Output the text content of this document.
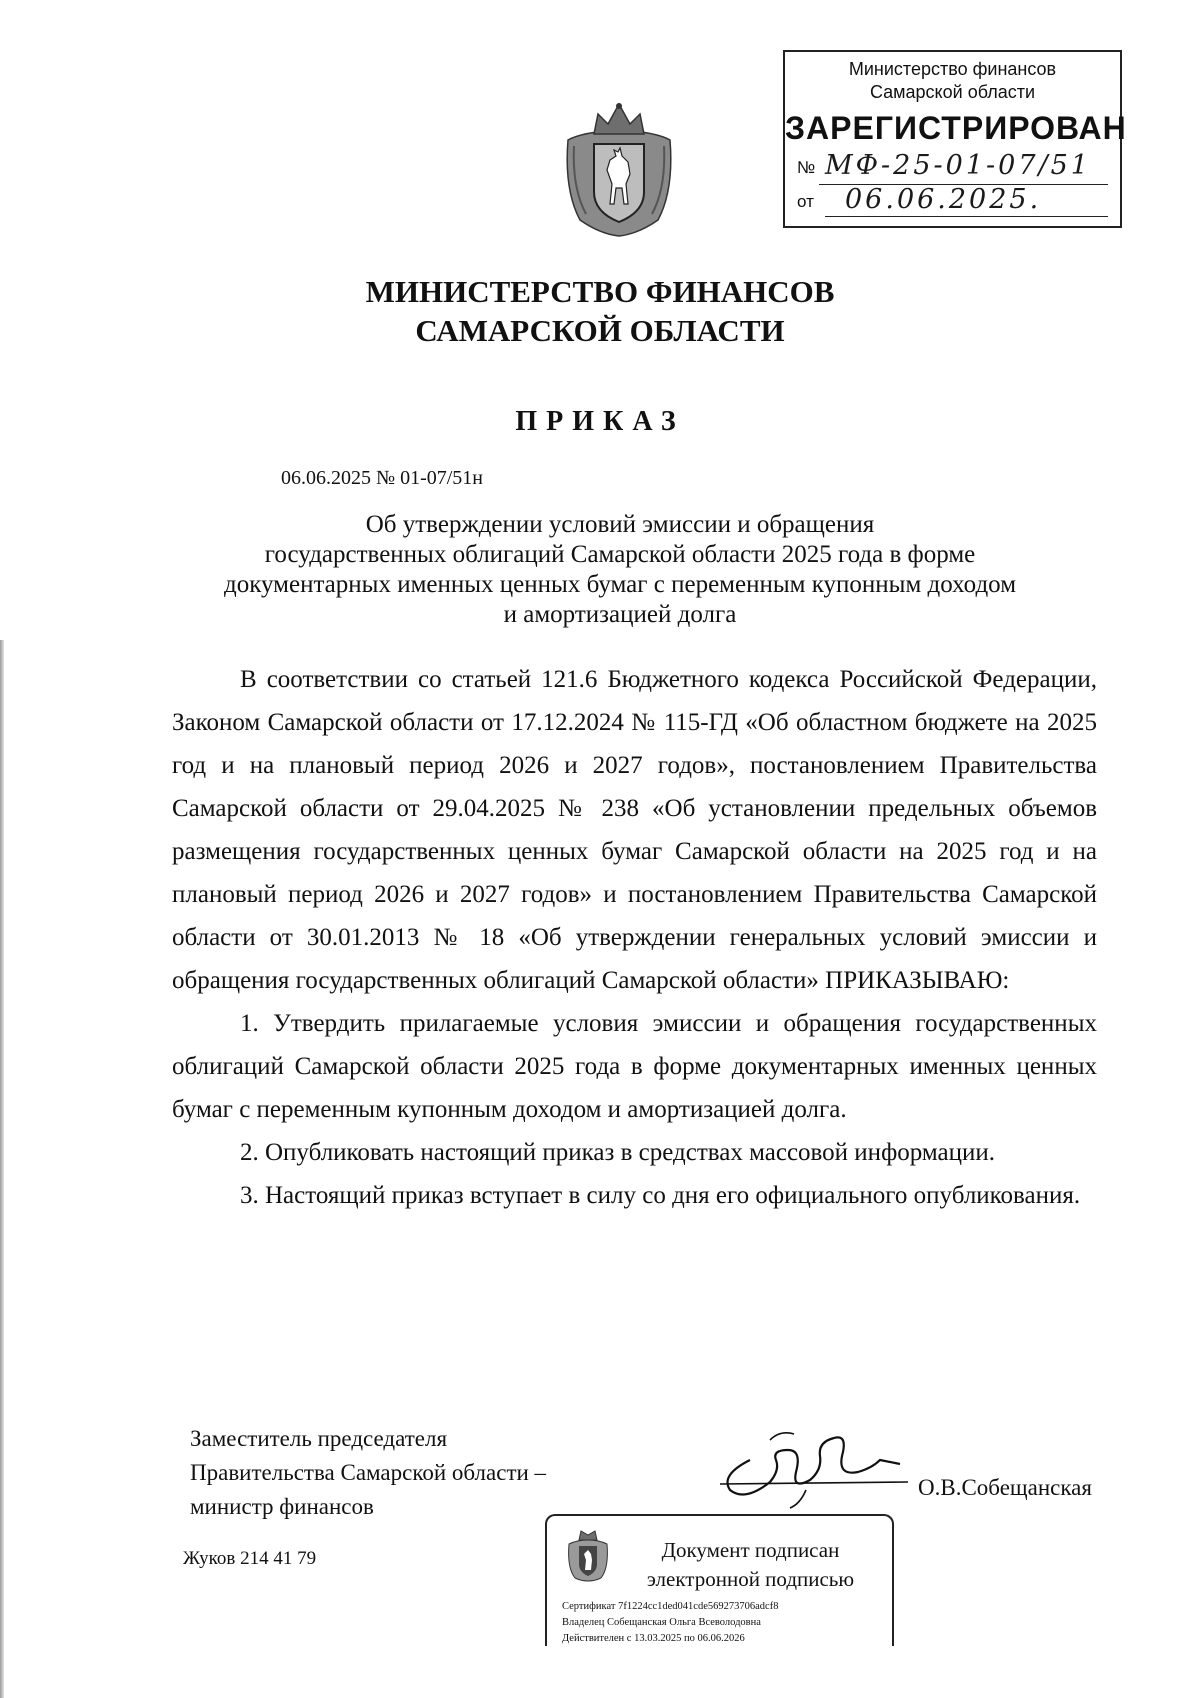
Министерство финансов
Самарской области
ЗАРЕГИСТРИРОВАН
№ МФ-25-01-07/51
от 06.06.2025.
МИНИСТЕРСТВО ФИНАНСОВ
САМАРСКОЙ ОБЛАСТИ
ПРИКАЗ
06.06.2025 № 01-07/51н
Об утверждении условий эмиссии и обращения
государственных облигаций Самарской области 2025 года в форме
документарных именных ценных бумаг с переменным купонным доходом
и амортизацией долга

В соответствии со статьей 121.6 Бюджетного кодекса Российской Федерации, Законом Самарской области от 17.12.2024 № 115-ГД «Об областном бюджете на 2025 год и на плановый период 2026 и 2027 годов», постановлением Правительства Самарской области от 29.04.2025 № 238 «Об установлении предельных объемов размещения государственных ценных бумаг Самарской области на 2025 год и на плановый период 2026 и 2027 годов» и постановлением Правительства Самарской области от 30.01.2013 № 18 «Об утверждении генеральных условий эмиссии и обращения государственных облигаций Самарской области» ПРИКАЗЫВАЮ:

1. Утвердить прилагаемые условия эмиссии и обращения государственных облигаций Самарской области 2025 года в форме документарных именных ценных бумаг с переменным купонным доходом и амортизацией долга.

2. Опубликовать настоящий приказ в средствах массовой информации.

3. Настоящий приказ вступает в силу со дня его официального опубликования.

Заместитель председателя
Правительства Самарской области –
министр финансов
О.В.Собещанская
Жуков 214 41 79	Документ подписан
электронной подписью
Сертификат 7f1224cc1ded041cde569273706adcf8
Владелец Собещанская Ольга Всеволодовна
Действителен с 13.03.2025 по 06.06.2026
